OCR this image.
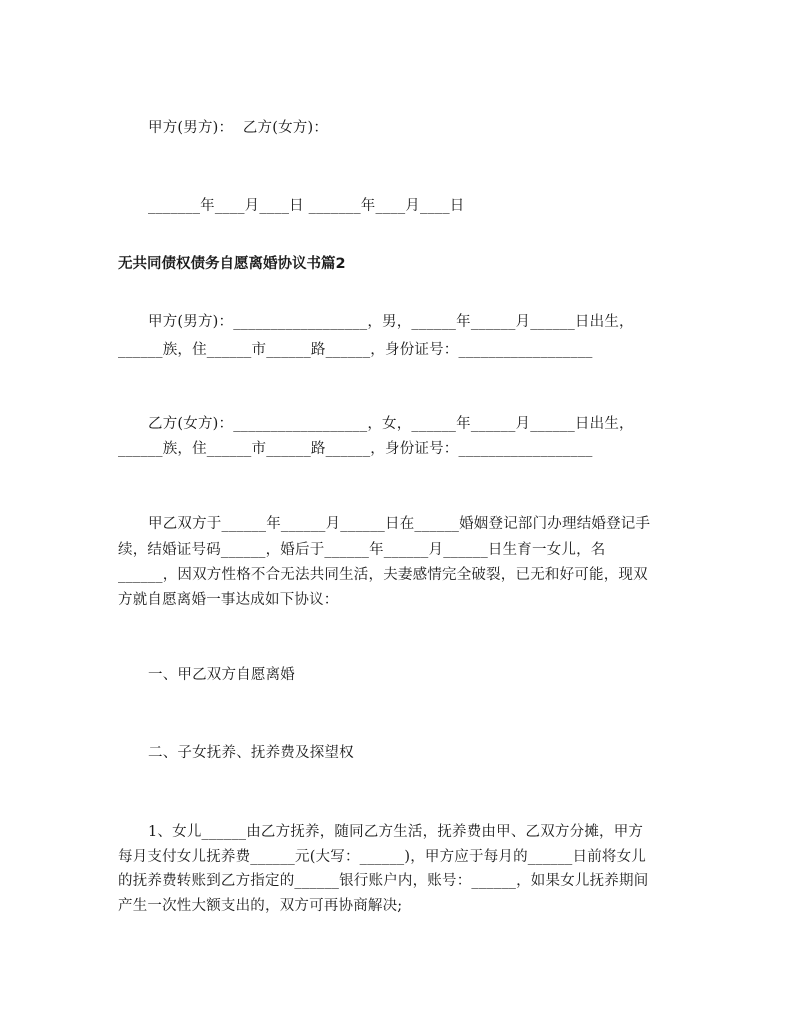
甲方(男方)：  乙方(女方)：
_______年____月____日 _______年____月____日
无共同债权债务自愿离婚协议书篇2
甲方(男方)：__________________，男，______年______月______日出生，
______族，住______市______路______，身份证号：__________________
乙方(女方)：__________________，女，______年______月______日出生，
______族，住______市______路______，身份证号：__________________
甲乙双方于______年______月______日在______婚姻登记部门办理结婚登记手
续，结婚证号码______，婚后于______年______月______日生育一女儿，名
______，因双方性格不合无法共同生活，夫妻感情完全破裂，已无和好可能，现双
方就自愿离婚一事达成如下协议：
一、甲乙双方自愿离婚
二、子女抚养、抚养费及探望权
1、女儿______由乙方抚养，随同乙方生活，抚养费由甲、乙双方分摊，甲方
每月支付女儿抚养费______元(大写：______)，甲方应于每月的______日前将女儿
的抚养费转账到乙方指定的______银行账户内，账号：______，如果女儿抚养期间
产生一次性大额支出的，双方可再协商解决;
